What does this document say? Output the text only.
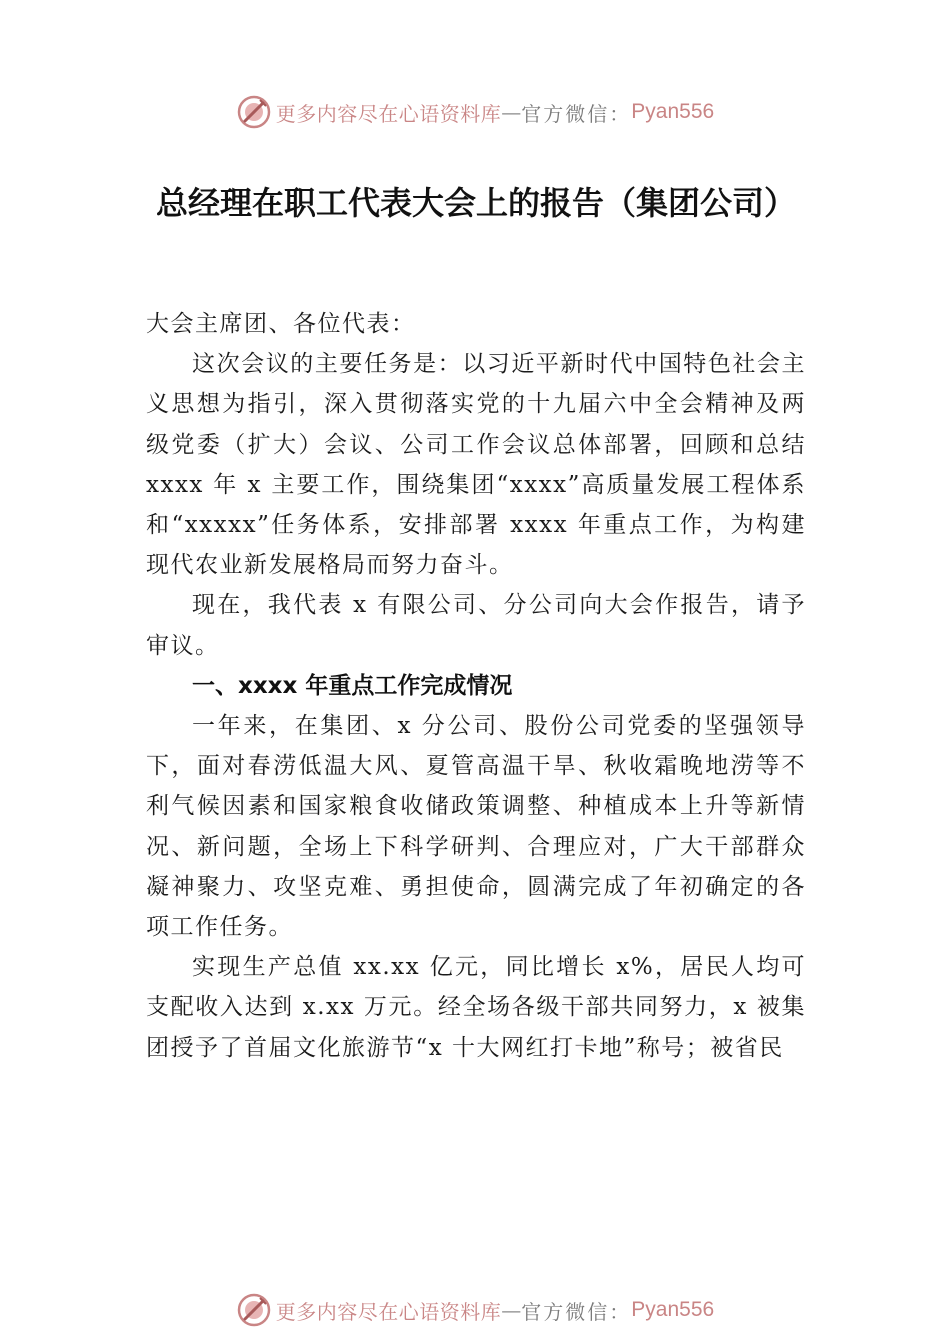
更多内容尽在心语资料库 — 官方微信： Pyan556
总经理在职工代表大会上的报告（集团公司）

大会主席团、各位代表：

这次会议的主要任务是：以习近平新时代中国特色社会主义思想为指引，深入贯彻落实党的十九届六中全会精神及两级党委（扩大）会议、公司工作会议总体部署，回顾和总结 xxxx 年 x 主要工作，围绕集团“xxxx”高质量发展工程体系和“xxxxx”任务体系，安排部署 xxxx 年重点工作，为构建现代农业新发展格局而努力奋斗。

现在，我代表 x 有限公司、分公司向大会作报告，请予审议。

一、xxxx 年重点工作完成情况

一年来，在集团、x 分公司、股份公司党委的坚强领导下，面对春涝低温大风、夏管高温干旱、秋收霜晚地涝等不利气候因素和国家粮食收储政策调整、种植成本上升等新情况、新问题，全场上下科学研判、合理应对，广大干部群众凝神聚力、攻坚克难、勇担使命，圆满完成了年初确定的各项工作任务。

实现生产总值 xx.xx 亿元，同比增长 x%，居民人均可支配收入达到 x.xx 万元。经全场各级干部共同努力，x 被集团授予了首届文化旅游节“x 十大网红打卡地”称号；被省民

更多内容尽在心语资料库 — 官方微信： Pyan556
